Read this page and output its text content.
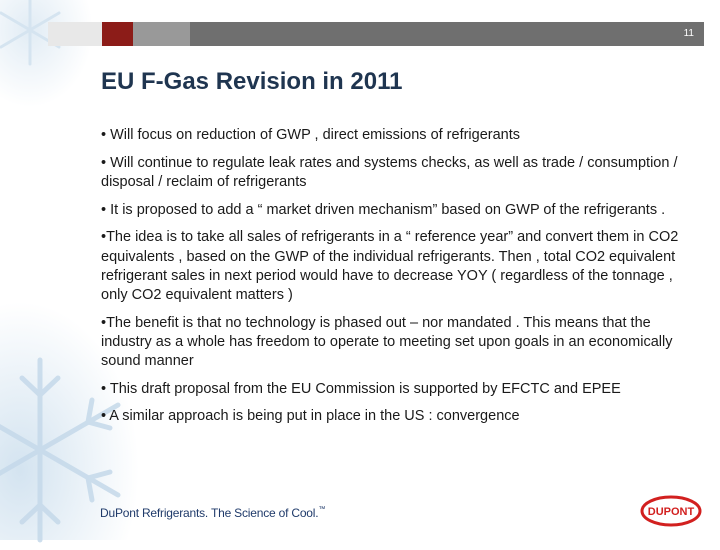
11
EU F-Gas Revision in 2011
• Will focus on reduction of GWP , direct emissions of refrigerants
• Will continue to regulate leak rates and systems checks, as well as trade / consumption / disposal / reclaim of refrigerants
• It is proposed to add a “ market driven mechanism” based on GWP of the refrigerants .
•The idea is to take all sales of refrigerants in a “ reference year” and convert them in CO2 equivalents , based on the GWP of the individual refrigerants. Then , total CO2 equivalent refrigerant sales in next period would have to decrease YOY ( regardless of the tonnage , only CO2 equivalent matters )
•The benefit is that no technology is phased out – nor mandated . This means that the industry as a whole has freedom to operate to meeting set upon goals in an economically sound manner
• This draft proposal from the EU Commission is supported by EFCTC and EPEE
• A similar approach is being put in place in the US : convergence
DuPont Refrigerants. The Science of Cool.™	DUPONT
